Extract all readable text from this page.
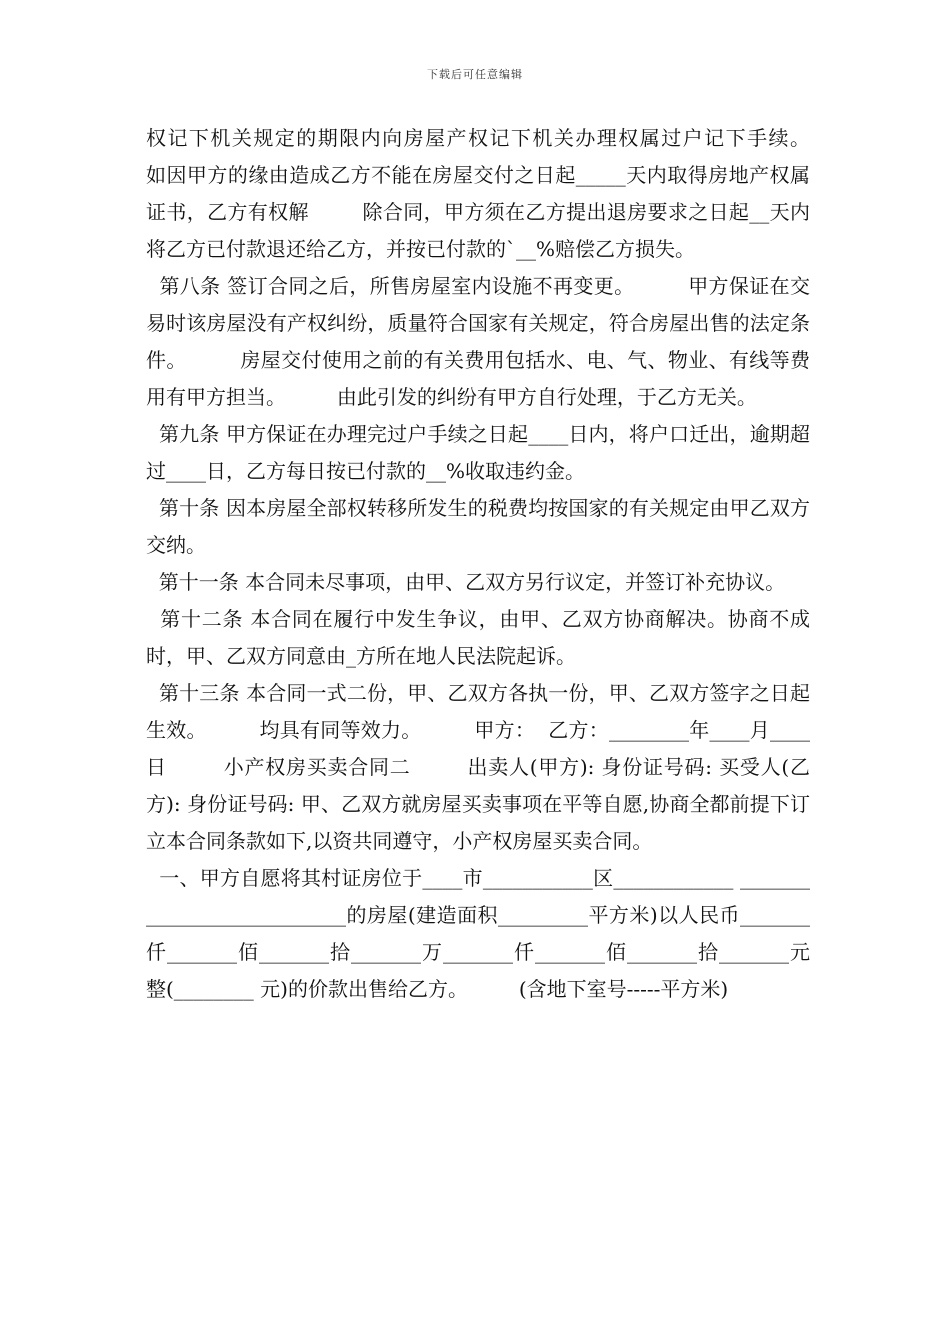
下载后可任意编辑

权记下机关规定的期限内向房屋产权记下机关办理权属过户记下手续。        如因甲方的缘由造成乙方不能在房屋交付之日起_____天内取得房地产权属证书，乙方有权解        除合同，甲方须在乙方提出退房要求之日起__天内将乙方已付款退还给乙方，并按已付款的`__%赔偿乙方损失。

第八条 签订合同之后，所售房屋室内设施不再变更。        甲方保证在交易时该房屋没有产权纠纷，质量符合国家有关规定，符合房屋出售的法定条件。        房屋交付使用之前的有关费用包括水、电、气、物业、有线等费用有甲方担当。        由此引发的纠纷有甲方自行处理，于乙方无关。

第九条 甲方保证在办理完过户手续之日起____日内，将户口迁出，逾期超过____日，乙方每日按已付款的__%收取违约金。

第十条 因本房屋全部权转移所发生的税费均按国家的有关规定由甲乙双方交纳。

第十一条 本合同未尽事项，由甲、乙双方另行议定，并签订补充协议。

第十二条 本合同在履行中发生争议，由甲、乙双方协商解决。协商不成时，甲、乙双方同意由_方所在地人民法院起诉。

第十三条 本合同一式二份，甲、乙双方各执一份，甲、乙双方签字之日起生效。        均具有同等效力。        甲方：  乙方：________年____月____日        小产权房买卖合同二        出卖人(甲方): 身份证号码: 买受人(乙方): 身份证号码: 甲、乙双方就房屋买卖事项在平等自愿,协商全都前提下订立本合同条款如下,以资共同遵守，小产权房屋买卖合同。

一、甲方自愿将其村证房位于____市___________区____________ ___________________________的房屋(建造面积_________平方米)以人民币_______仟_______佰_______拾_______万_______仟_______佰_______拾_______元整(________ 元)的价款出售给乙方。        (含地下室号-----平方米)
